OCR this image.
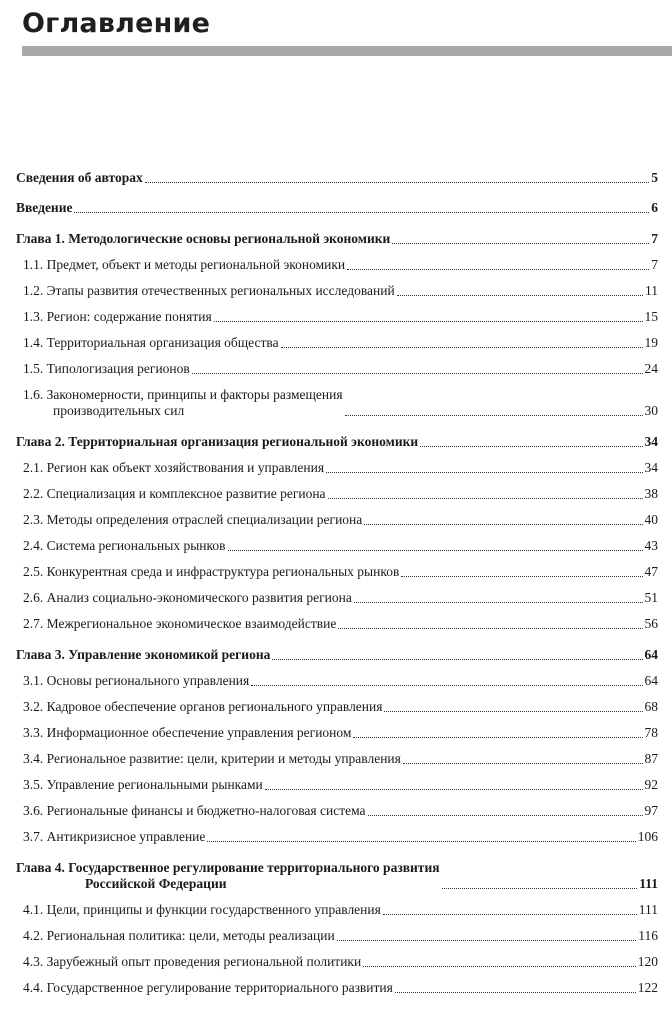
Оглавление
Сведения об авторах	5
Введение	6
Глава 1. Методологические основы региональной экономики	7
1.1. Предмет, объект и методы региональной экономики	7
1.2. Этапы развития отечественных региональных исследований	11
1.3. Регион: содержание понятия	15
1.4. Территориальная организация общества	19
1.5. Типологизация регионов	24
1.6. Закономерности, принципы и факторы размещения
производительных сил	30
Глава 2. Территориальная организация региональной экономики	34
2.1. Регион как объект хозяйствования и управления	34
2.2. Специализация и комплексное развитие региона	38
2.3. Методы определения отраслей специализации региона	40
2.4. Система региональных рынков	43
2.5. Конкурентная среда и инфраструктура региональных рынков	47
2.6. Анализ социально-экономического развития региона	51
2.7. Межрегиональное экономическое взаимодействие	56
Глава 3. Управление экономикой региона	64
3.1. Основы регионального управления	64
3.2. Кадровое обеспечение органов регионального управления	68
3.3. Информационное обеспечение управления регионом	78
3.4. Региональное развитие: цели, критерии и методы управления	87
3.5. Управление региональными рынками	92
3.6. Региональные финансы и бюджетно-налоговая система	97
3.7. Антикризисное управление	106
Глава 4. Государственное регулирование территориального развития
Российской Федерации	111
4.1. Цели, принципы и функции государственного управления	111
4.2. Региональная политика: цели, методы реализации	116
4.3. Зарубежный опыт проведения региональной политики	120
4.4. Государственное регулирование территориального развития	122
